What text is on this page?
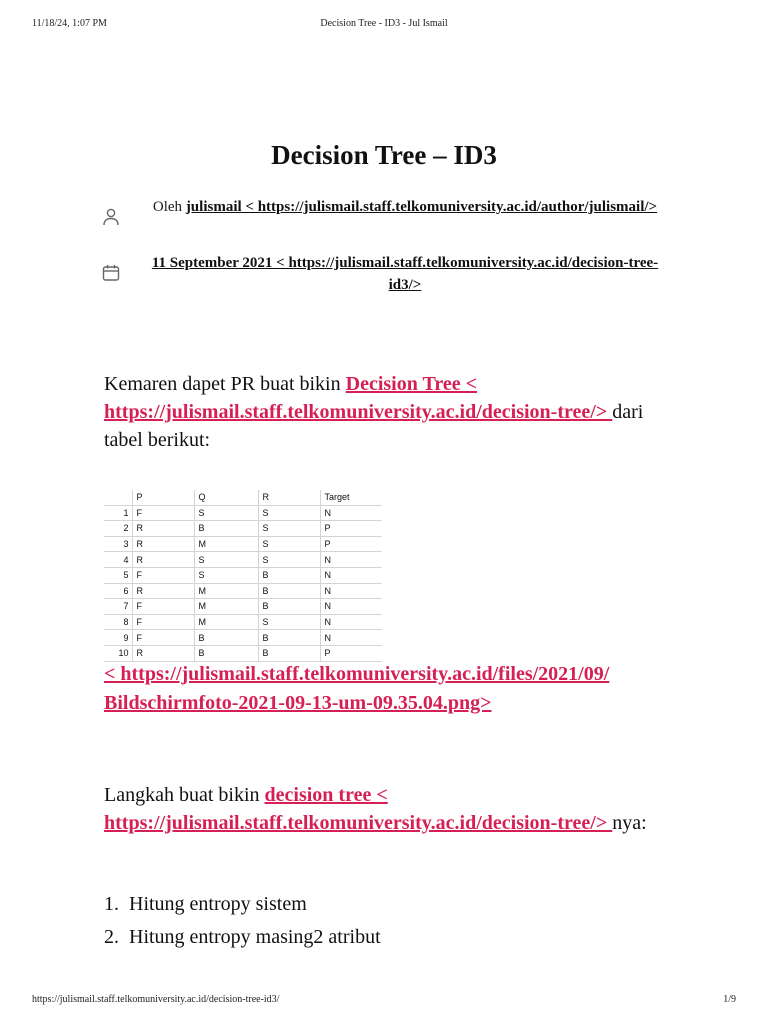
11/18/24, 1:07 PM	Decision Tree - ID3 - Jul Ismail
Decision Tree – ID3
Oleh julismail < https://julismail.staff.telkomuniversity.ac.id/author/julismail/>
11 September 2021 < https://julismail.staff.telkomuniversity.ac.id/decision-tree-id3/>
Kemaren dapet PR buat bikin Decision Tree < https://julismail.staff.telkomuniversity.ac.id/decision-tree/> dari tabel berikut:
	P	Q	R	Target
1	F	S	S	N
2	R	B	S	P
3	R	M	S	P
4	R	S	S	N
5	F	S	B	N
6	R	M	B	N
7	F	M	B	N
8	F	M	S	N
9	F	B	B	N
10	R	B	B	P
< https://julismail.staff.telkomuniversity.ac.id/files/2021/09/ Bildschirmfoto-2021-09-13-um-09.35.04.png>
Langkah buat bikin decision tree < https://julismail.staff.telkomuniversity.ac.id/decision-tree/> nya:
1. Hitung entropy sistem
2. Hitung entropy masing2 atribut
https://julismail.staff.telkomuniversity.ac.id/decision-tree-id3/	1/9
